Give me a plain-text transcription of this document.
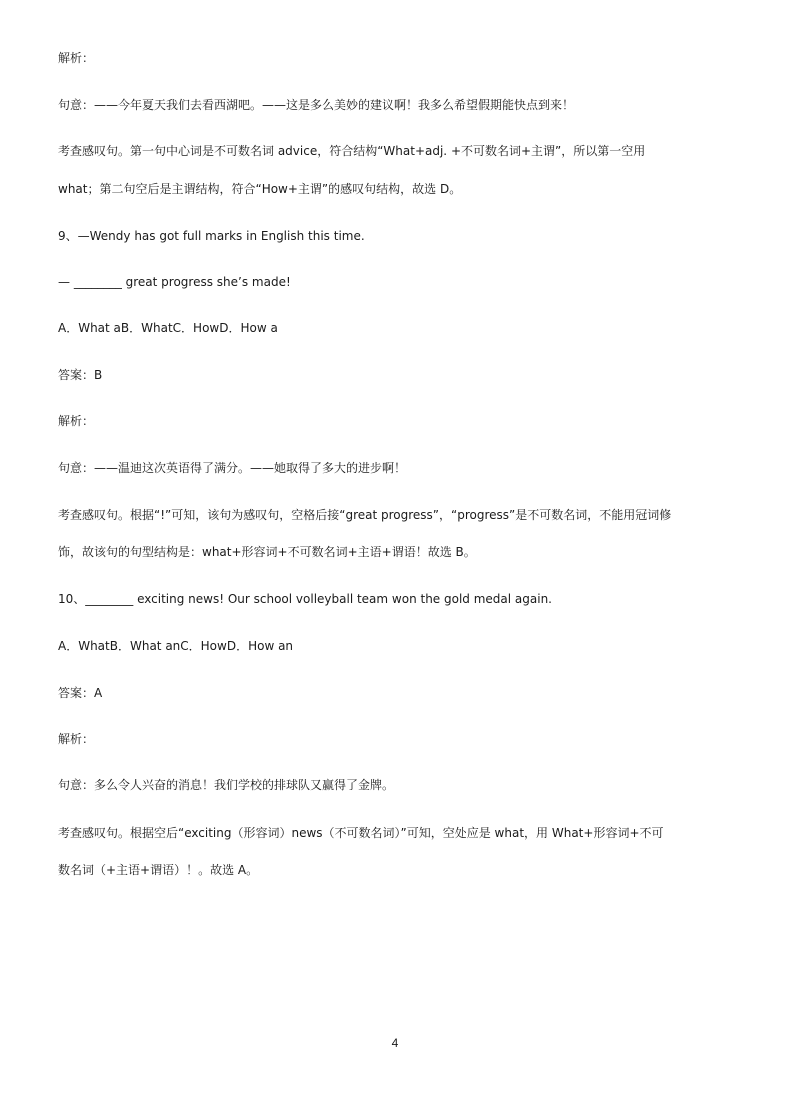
解析：
句意：——今年夏天我们去看西湖吧。——这是多么美妙的建议啊！我多么希望假期能快点到来！
考查感叹句。第一句中心词是不可数名词 advice，符合结构“What+adj. +不可数名词+主谓”，所以第一空用
what；第二句空后是主谓结构，符合“How+主谓”的感叹句结构，故选 D。
9、—Wendy has got full marks in English this time.
— ________ great progress she’s made!
A．What aB．WhatC．HowD．How a
答案：B
解析：
句意：——温迪这次英语得了满分。——她取得了多大的进步啊！
考查感叹句。根据“!”可知，该句为感叹句，空格后接“great progress”，“progress”是不可数名词，不能用冠词修
饰，故该句的句型结构是：what+形容词+不可数名词+主语+谓语！故选 B。
10、________ exciting news! Our school volleyball team won the gold medal again.
A．WhatB．What anC．HowD．How an
答案：A
解析：
句意：多么令人兴奋的消息！我们学校的排球队又赢得了金牌。
考查感叹句。根据空后“exciting（形容词）news（不可数名词）”可知，空处应是 what，用 What+形容词+不可
数名词（+主语+谓语）！。故选 A。
4
